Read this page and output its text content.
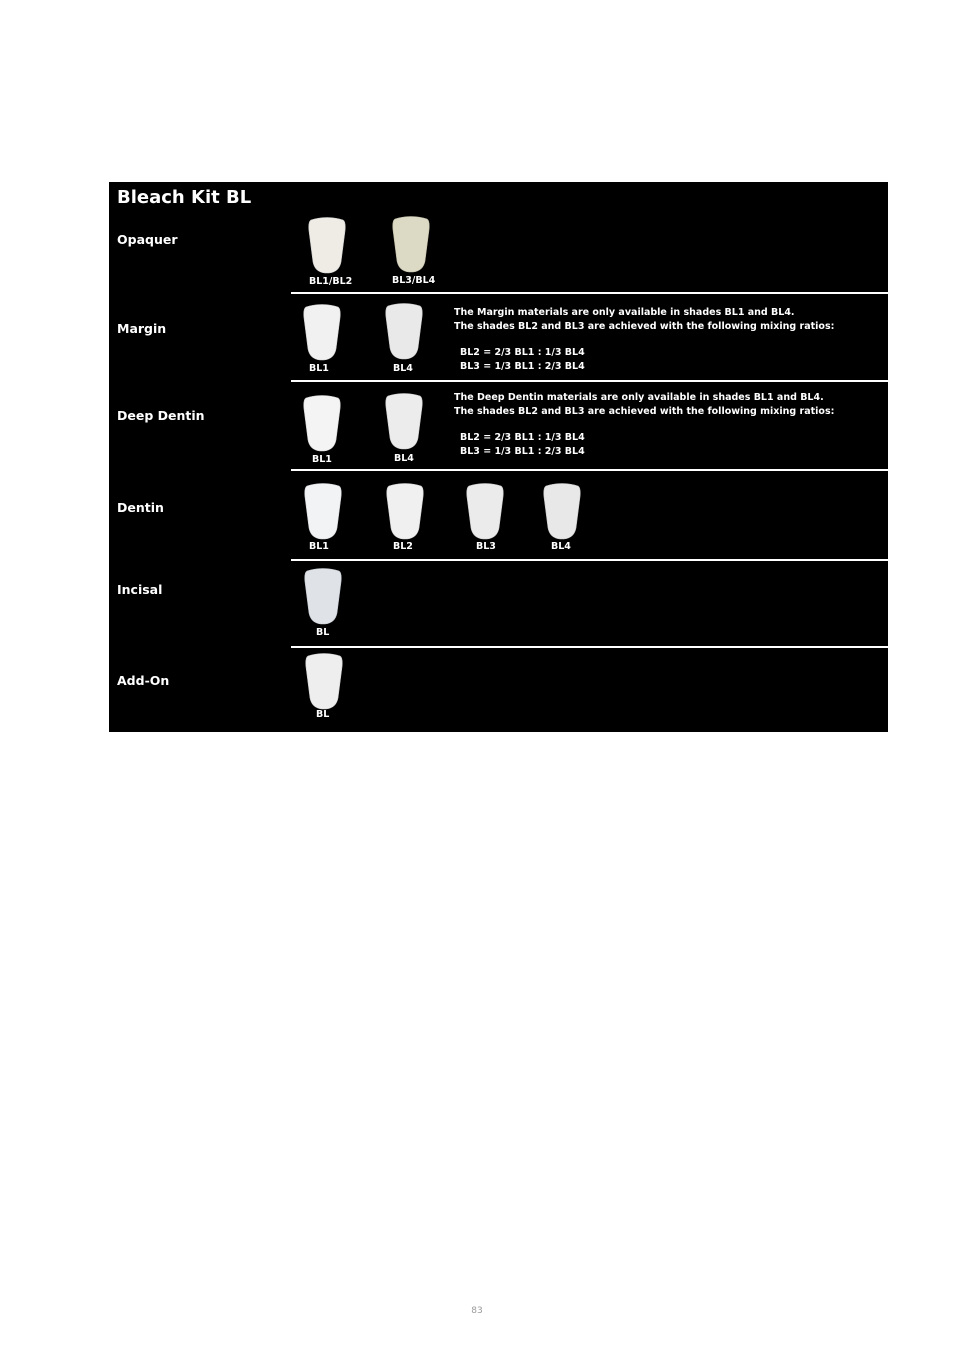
Bleach Kit BL
Opaquer
BL1/BL2	BL3/BL4
Margin
BL1	BL4
The Margin materials are only available in shades BL1 and BL4.
The shades BL2 and BL3 are achieved with the following mixing ratios:
BL2 = 2/3 BL1 : 1/3 BL4
BL3 = 1/3 BL1 : 2/3 BL4
Deep Dentin
BL1	BL4
The Deep Dentin materials are only available in shades BL1 and BL4.
The shades BL2 and BL3 are achieved with the following mixing ratios:
BL2 = 2/3 BL1 : 1/3 BL4
BL3 = 1/3 BL1 : 2/3 BL4
Dentin
BL1	BL2	BL3	BL4
Incisal
BL
Add-On
BL
83
